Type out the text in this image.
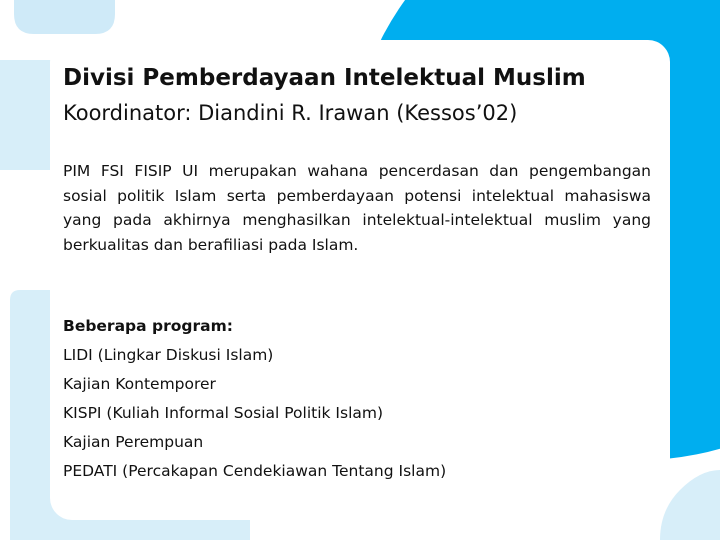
Divisi Pemberdayaan Intelektual Muslim
Koordinator: Diandini R. Irawan (Kessos’02)
PIM FSI FISIP UI merupakan wahana pencerdasan dan pengembangan sosial politik Islam serta pemberdayaan potensi intelektual mahasiswa yang pada akhirnya menghasilkan intelektual-intelektual muslim yang berkualitas dan berafiliasi pada Islam.
Beberapa program:
LIDI (Lingkar Diskusi Islam)
Kajian Kontemporer
KISPI (Kuliah Informal Sosial Politik Islam)
Kajian Perempuan
PEDATI (Percakapan Cendekiawan Tentang Islam)
